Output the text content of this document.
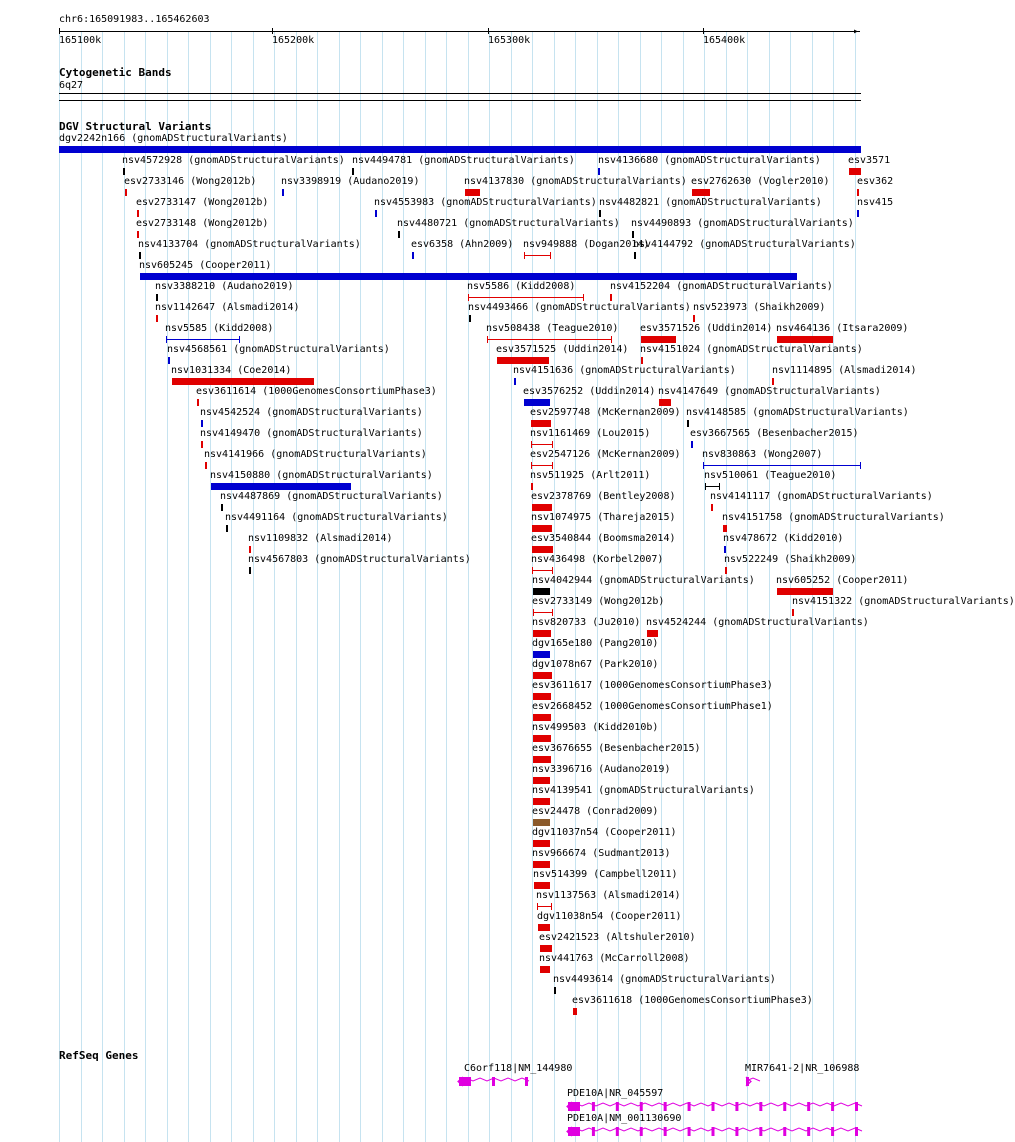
chr6:165091983..165462603
▸
165100k	165200k	165300k	165400k
Cytogenetic Bands
6q27
DGV Structural Variants
dgv2242n166 (gnomADStructuralVariants)
nsv4572928 (gnomADStructuralVariants) nsv4494781 (gnomADStructuralVariants) nsv4136680 (gnomADStructuralVariants)	esv3571
esv2733146 (Wong2012b) nsv3398919 (Audano2019)	nsv4137830 (gnomADStructuralVariants) esv2762630 (Vogler2010)	esv362
esv2733147 (Wong2012b)	nsv4553983 (gnomADStructuralVariants) nsv4482821 (gnomADStructuralVariants)	nsv415
esv2733148 (Wong2012b)	nsv4480721 (gnomADStructuralVariants) nsv4490893 (gnomADStructuralVariants)
nsv4133704 (gnomADStructuralVariants)	esv6358 (Ahn2009) nsv949888 (Dogan2014)
nsv4144792 (gnomADStructuralVariants)
nsv605245 (Cooper2011)
nsv3388210 (Audano2019)	nsv5586 (Kidd2008)	nsv4152204 (gnomADStructuralVariants)
nsv1142647 (Alsmadi2014)	nsv4493466 (gnomADStructuralVariants) nsv523973 (Shaikh2009)
nsv5585 (Kidd2008)	nsv508438 (Teague2010) esv3571526 (Uddin2014) nsv464136 (Itsara2009)
nsv4568561 (gnomADStructuralVariants)	esv3571525 (Uddin2014) nsv4151024 (gnomADStructuralVariants)
nsv1031334 (Coe2014)	nsv4151636 (gnomADStructuralVariants)	nsv1114895 (Alsmadi2014)
esv3611614 (1000GenomesConsortiumPhase3)	esv3576252 (Uddin2014) nsv4147649 (gnomADStructuralVariants)
nsv4542524 (gnomADStructuralVariants)	esv2597748 (McKernan2009) nsv4148585 (gnomADStructuralVariants)
nsv4149470 (gnomADStructuralVariants)	nsv1161469 (Lou2015)	esv3667565 (Besenbacher2015)
nsv4141966 (gnomADStructuralVariants)	esv2547126 (McKernan2009) nsv830863 (Wong2007)
nsv4150880 (gnomADStructuralVariants)	nsv511925 (Arlt2011)	nsv510061 (Teague2010)
nsv4487869 (gnomADStructuralVariants)	esv2378769 (Bentley2008)	nsv4141117 (gnomADStructuralVariants)
nsv4491164 (gnomADStructuralVariants)	nsv1074975 (Thareja2015)	nsv4151758 (gnomADStructuralVariants)
nsv1109832 (Alsmadi2014)	esv3540844 (Boomsma2014)	nsv478672 (Kidd2010)
nsv4567803 (gnomADStructuralVariants)	nsv436498 (Korbel2007)	nsv522249 (Shaikh2009)
nsv4042944 (gnomADStructuralVariants) nsv605252 (Cooper2011)
esv2733149 (Wong2012b)	nsv4151322 (gnomADStructuralVariants)
nsv820733 (Ju2010) nsv4524244 (gnomADStructuralVariants)
dgv165e180 (Pang2010)
dgv1078n67 (Park2010)
esv3611617 (1000GenomesConsortiumPhase3)
esv2668452 (1000GenomesConsortiumPhase1)
nsv499503 (Kidd2010b)
esv3676655 (Besenbacher2015)
nsv3396716 (Audano2019)
nsv4139541 (gnomADStructuralVariants)
esv24478 (Conrad2009)
dgv11037n54 (Cooper2011)
nsv966674 (Sudmant2013)
nsv514399 (Campbell2011)
nsv1137563 (Alsmadi2014)
dgv11038n54 (Cooper2011)
esv2421523 (Altshuler2010)
nsv441763 (McCarroll2008)
nsv4493614 (gnomADStructuralVariants)
esv3611618 (1000GenomesConsortiumPhase3)
RefSeq Genes
C6orf118|NM_144980	MIR7641-2|NR_106988
PDE10A|NR_045597
PDE10A|NM_001130690
